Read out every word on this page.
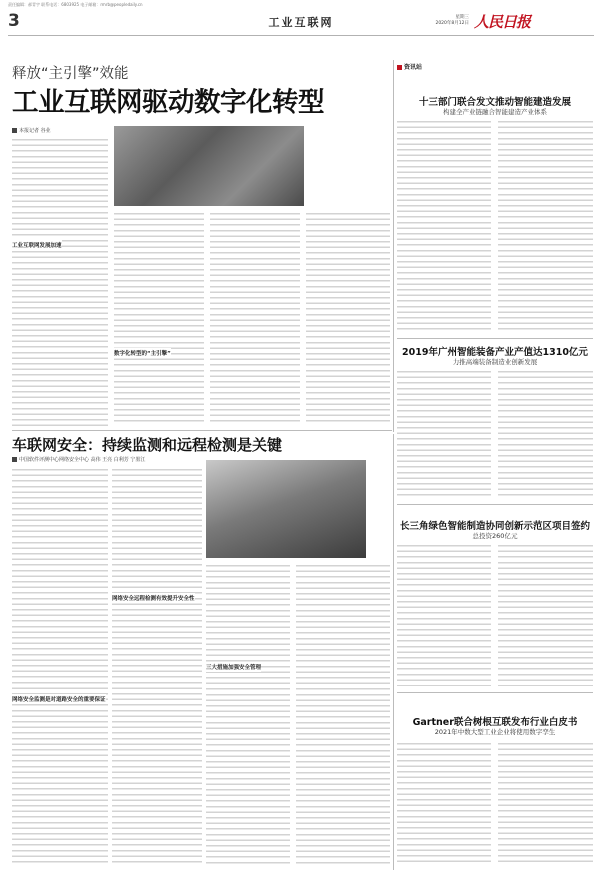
责任编辑：郝青宇 联系电话：6803925 电子邮箱：rmrb@peopledaily.cn
3	工业互联网	星期三
2020年8月12日 人民日报
释放“主引擎”效能
工业互联网驱动数字化转型
本报记者 谷业
工业互联网发展加速
数字化转型的“主引擎”
车联网安全：持续监测和远程检测是关键
中国软件评测中心网络安全中心 高伟 王亮 白利芳 宁墨江
网络安全监测是对道路安全的重要保证
网络安全远程检测有效提升安全性
三大措施加强安全管理
资讯站
十三部门联合发文推动智能建造发展
构建全产业链融合智能建造产业体系
2019年广州智能装备产业产值达1310亿元
力推高端装备制造业创新发展
长三角绿色智能制造协同创新示范区项目签约
总投资260亿元
Gartner联合树根互联发布行业白皮书
2021年中数大型工业企业将使用数字孪生
